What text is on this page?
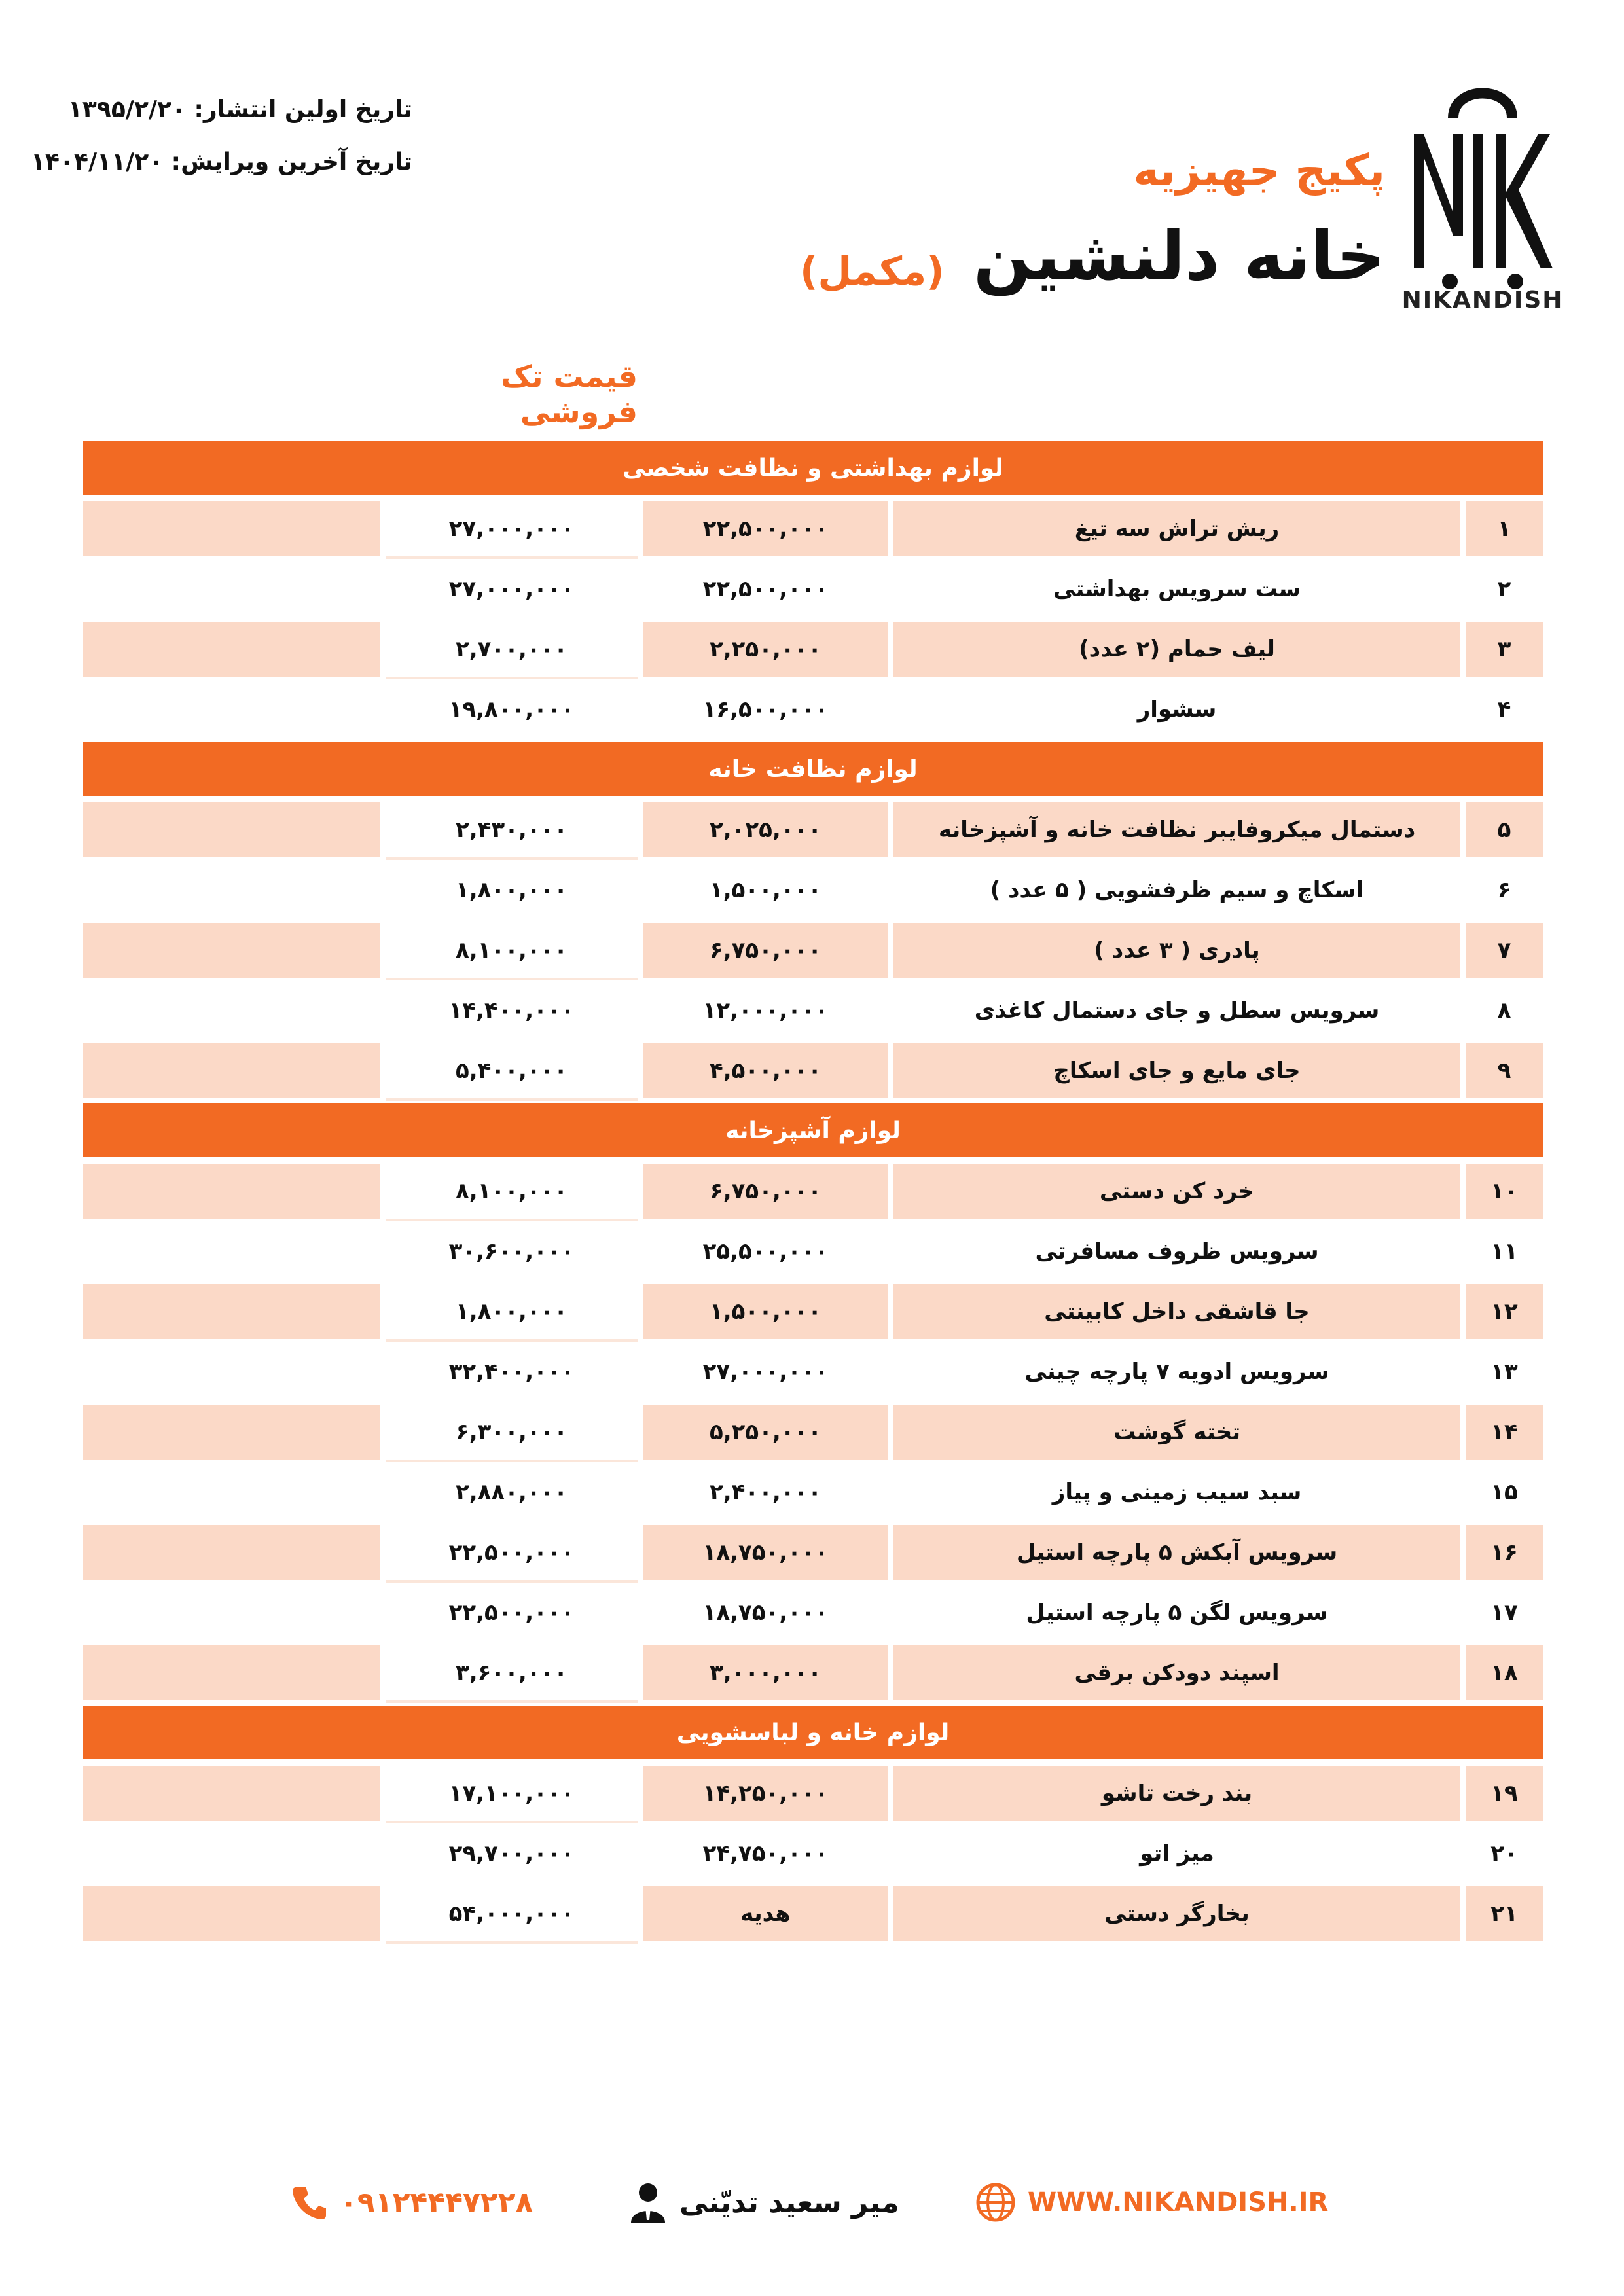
تاریخ اولین انتشار: ۱۳۹۵/۲/۲۰
تاریخ آخرین ویرایش: ۱۴۰۴/۱۱/۲۰
NIKANDISH
پکیج جهیزیه
خانه دلنشین
(مکمل)
ردیف
نوع کالا
قیمت ویژه
پک کامل جهیزیه
قیمت تک فروشی
توضیحات تکمیلی
لوازم بهداشتی و نظافت شخصی
۱
ریش تراش سه تیغ
۲۲,۵۰۰,۰۰۰
۲۷,۰۰۰,۰۰۰
۲
ست سرویس بهداشتی
۲۲,۵۰۰,۰۰۰
۲۷,۰۰۰,۰۰۰
۳
لیف حمام (۲ عدد)
۲,۲۵۰,۰۰۰
۲,۷۰۰,۰۰۰
۴
سشوار
۱۶,۵۰۰,۰۰۰
۱۹,۸۰۰,۰۰۰
لوازم نظافت خانه
۵
دستمال میکروفایبر نظافت خانه و آشپزخانه
۲,۰۲۵,۰۰۰
۲,۴۳۰,۰۰۰
۶
اسکاچ و سیم ظرفشویی ( ۵ عدد )
۱,۵۰۰,۰۰۰
۱,۸۰۰,۰۰۰
۷
پادری ( ۳ عدد )
۶,۷۵۰,۰۰۰
۸,۱۰۰,۰۰۰
۸
سرویس سطل و جای دستمال کاغذی
۱۲,۰۰۰,۰۰۰
۱۴,۴۰۰,۰۰۰
۹
جای مایع و جای اسکاچ
۴,۵۰۰,۰۰۰
۵,۴۰۰,۰۰۰
لوازم آشپزخانه
۱۰
خرد کن دستی
۶,۷۵۰,۰۰۰
۸,۱۰۰,۰۰۰
۱۱
سرویس ظروف مسافرتی
۲۵,۵۰۰,۰۰۰
۳۰,۶۰۰,۰۰۰
۱۲
جا قاشقی داخل کابینتی
۱,۵۰۰,۰۰۰
۱,۸۰۰,۰۰۰
۱۳
سرویس ادویه ۷ پارچه چینی
۲۷,۰۰۰,۰۰۰
۳۲,۴۰۰,۰۰۰
۱۴
تخته گوشت
۵,۲۵۰,۰۰۰
۶,۳۰۰,۰۰۰
۱۵
سبد سیب زمینی و پیاز
۲,۴۰۰,۰۰۰
۲,۸۸۰,۰۰۰
۱۶
سرویس آبکش ۵ پارچه استیل
۱۸,۷۵۰,۰۰۰
۲۲,۵۰۰,۰۰۰
۱۷
سرویس لگن ۵ پارچه استیل
۱۸,۷۵۰,۰۰۰
۲۲,۵۰۰,۰۰۰
۱۸
اسپند دودکن برقی
۳,۰۰۰,۰۰۰
۳,۶۰۰,۰۰۰
لوازم خانه و لباسشویی
۱۹
بند رخت تاشو
۱۴,۲۵۰,۰۰۰
۱۷,۱۰۰,۰۰۰
۲۰
میز اتو
۲۴,۷۵۰,۰۰۰
۲۹,۷۰۰,۰۰۰
۲۱
بخارگر دستی
هدیه
۵۴,۰۰۰,۰۰۰
WWW.NIKANDISH.IR
میر سعید تدیّنی
۰۹۱۲۴۴۴۷۲۲۸
